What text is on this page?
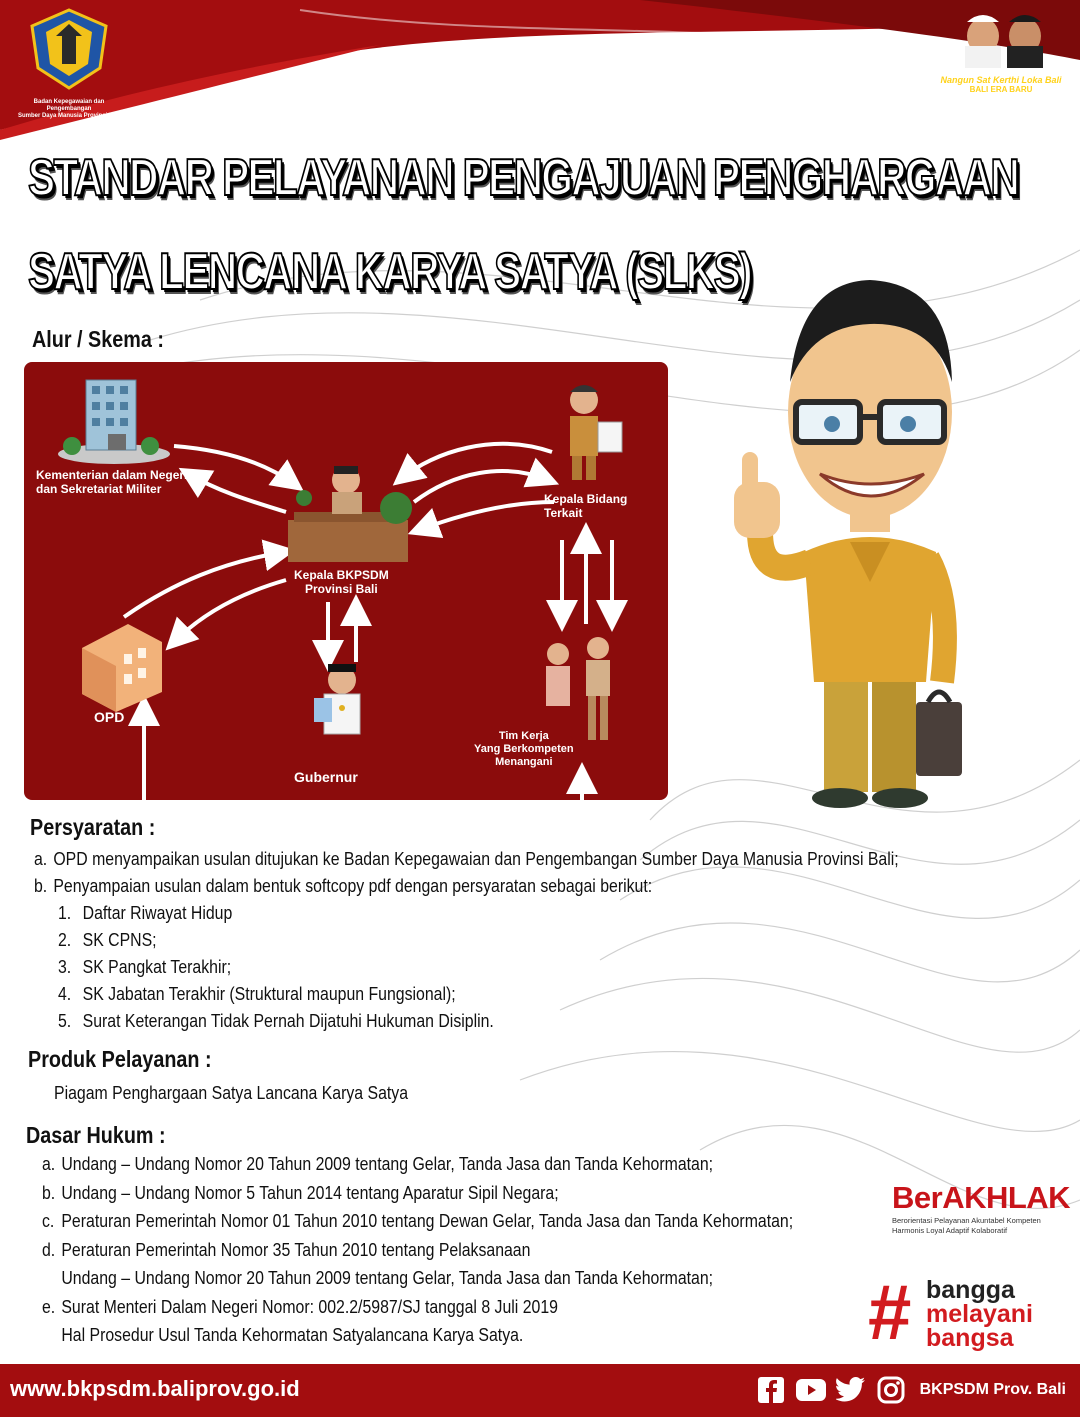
Badan Kepegawaian dan Pengembangan
Sumber Daya Manusia Provinsi Bali
Nangun Sat Kerthi Loka Bali
BALI ERA BARU
STANDAR PELAYANAN PENGAJUAN PENGHARGAAN
SATYA LENCANA KARYA SATYA (SLKS)
Alur / Skema :
Kementerian dalam Negeri
dan Sekretariat Militer
Kepala BKPSDM
Provinsi Bali
Kepala Bidang
Terkait
OPD
Gubernur
Tim Kerja
Yang Berkompeten
Menangani
Persyaratan :
a. OPD menyampaikan usulan ditujukan ke Badan Kepegawaian dan Pengembangan Sumber Daya Manusia Provinsi Bali;
b. Penyampaian usulan dalam bentuk softcopy pdf dengan persyaratan sebagai berikut:
1. Daftar Riwayat Hidup
2. SK CPNS;
3. SK Pangkat Terakhir;
4. SK Jabatan Terakhir (Struktural maupun Fungsional);
5. Surat Keterangan Tidak Pernah Dijatuhi Hukuman Disiplin.
Produk Pelayanan :
Piagam Penghargaan Satya Lancana Karya Satya
Dasar Hukum :
a. Undang – Undang Nomor 20 Tahun 2009 tentang Gelar, Tanda Jasa dan Tanda Kehormatan;
b. Undang – Undang Nomor 5 Tahun 2014 tentang Aparatur Sipil Negara;
c. Peraturan Pemerintah Nomor 01 Tahun 2010 tentang Dewan Gelar, Tanda Jasa dan Tanda Kehormatan;
d. Peraturan Pemerintah Nomor 35 Tahun 2010 tentang Pelaksanaan
Undang – Undang Nomor 20 Tahun 2009 tentang Gelar, Tanda Jasa dan Tanda Kehormatan;
e. Surat Menteri Dalam Negeri Nomor: 002.2/5987/SJ tanggal 8 Juli 2019
Hal Prosedur Usul Tanda Kehormatan Satyalancana Karya Satya.
BerAKHLAK
Berorientasi Pelayanan Akuntabel Kompeten
Harmonis Loyal Adaptif Kolaboratif
# bangga
melayani
bangsa
www.bkpsdm.baliprov.go.id	BKPSDM Prov. Bali
